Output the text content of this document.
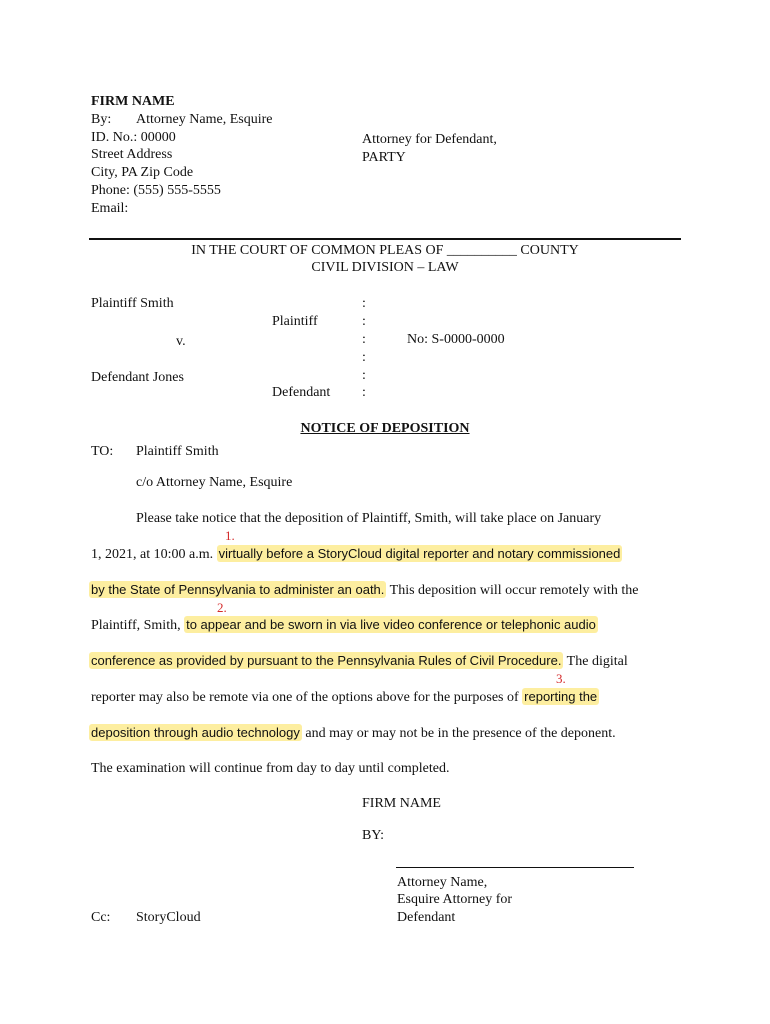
FIRM NAME
By: Attorney Name, Esquire
ID. No.: 00000
Street Address
City, PA Zip Code
Phone: (555) 555-5555
Email:
Attorney for Defendant,
PARTY
IN THE COURT OF COMMON PLEAS OF __________ COUNTY
CIVIL DIVISION – LAW
Plaintiff Smith
Plaintiff
v.
Defendant Jones
Defendant
:
:
:
:
:
:
No: S-0000-0000
NOTICE OF DEPOSITION
TO: Plaintiff Smith
c/o Attorney Name, Esquire
Please take notice that the deposition of Plaintiff, Smith, will take place on January
1.
1, 2021, at 10:00 a.m. virtually before a StoryCloud digital reporter and notary commissioned
by the State of Pennsylvania to administer an oath. This deposition will occur remotely with the
2.
Plaintiff, Smith, to appear and be sworn in via live video conference or telephonic audio
conference as provided by pursuant to the Pennsylvania Rules of Civil Procedure. The digital
3.
reporter may also be remote via one of the options above for the purposes of reporting the
deposition through audio technology and may or may not be in the presence of the deponent.
The examination will continue from day to day until completed.
FIRM NAME
BY:
Attorney Name,
Esquire Attorney for
Defendant
Cc: StoryCloud
